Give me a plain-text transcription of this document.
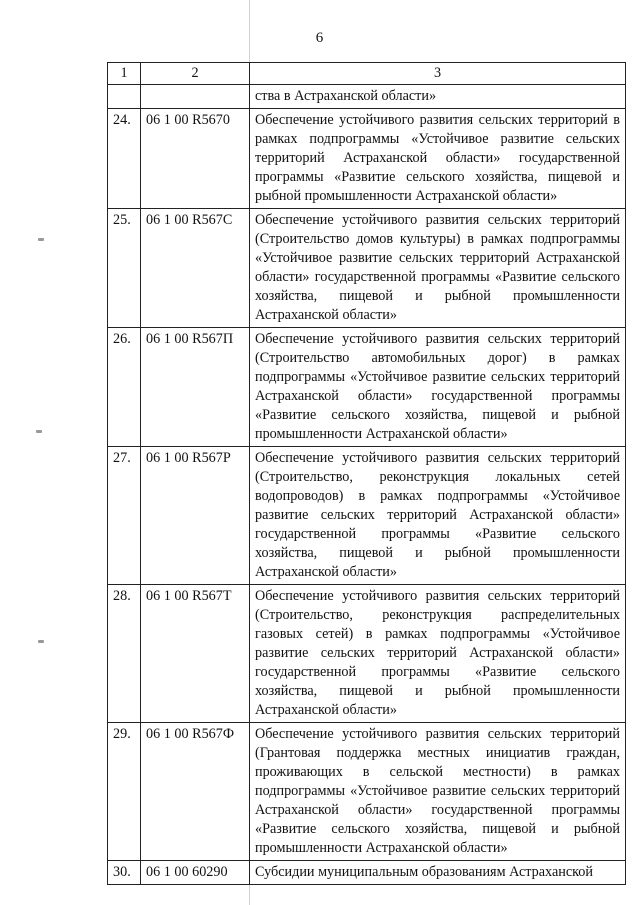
6
1	2	3
		ства в Астраханской области»
24.	06 1 00 R5670	Обеспечение устойчивого развития сельских территорий в рамках подпрограммы «Устойчивое развитие сельских территорий Астраханской области» государственной программы «Развитие сельского хозяйства, пищевой и рыбной промышленности Астраханской области»
25.	06 1 00 R567C	Обеспечение устойчивого развития сельских территорий (Строительство домов культуры) в рамках подпрограммы «Устойчивое развитие сельских территорий Астраханской области» государственной программы «Развитие сельского хозяйства, пищевой и рыбной промышленности Астраханской области»
26.	06 1 00 R567П	Обеспечение устойчивого развития сельских территорий (Строительство автомобильных дорог) в рамках подпрограммы «Устойчивое развитие сельских территорий Астраханской области» государственной программы «Развитие сельского хозяйства, пищевой и рыбной промышленности Астраханской области»
27.	06 1 00 R567P	Обеспечение устойчивого развития сельских территорий (Строительство, реконструкция локальных сетей водопроводов) в рамках подпрограммы «Устойчивое развитие сельских территорий Астраханской области» государственной программы «Развитие сельского хозяйства, пищевой и рыбной промышленности Астраханской области»
28.	06 1 00 R567T	Обеспечение устойчивого развития сельских территорий (Строительство, реконструкция распределительных газовых сетей) в рамках подпрограммы «Устойчивое развитие сельских территорий Астраханской области» государственной программы «Развитие сельского хозяйства, пищевой и рыбной промышленности Астраханской области»
29.	06 1 00 R567Ф	Обеспечение устойчивого развития сельских территорий (Грантовая поддержка местных инициатив граждан, проживающих в сельской местности) в рамках подпрограммы «Устойчивое развитие сельских территорий Астраханской области» государственной программы «Развитие сельского хозяйства, пищевой и рыбной промышленности Астраханской области»
30.	06 1 00 60290	Субсидии муниципальным образованиям Астраханской
